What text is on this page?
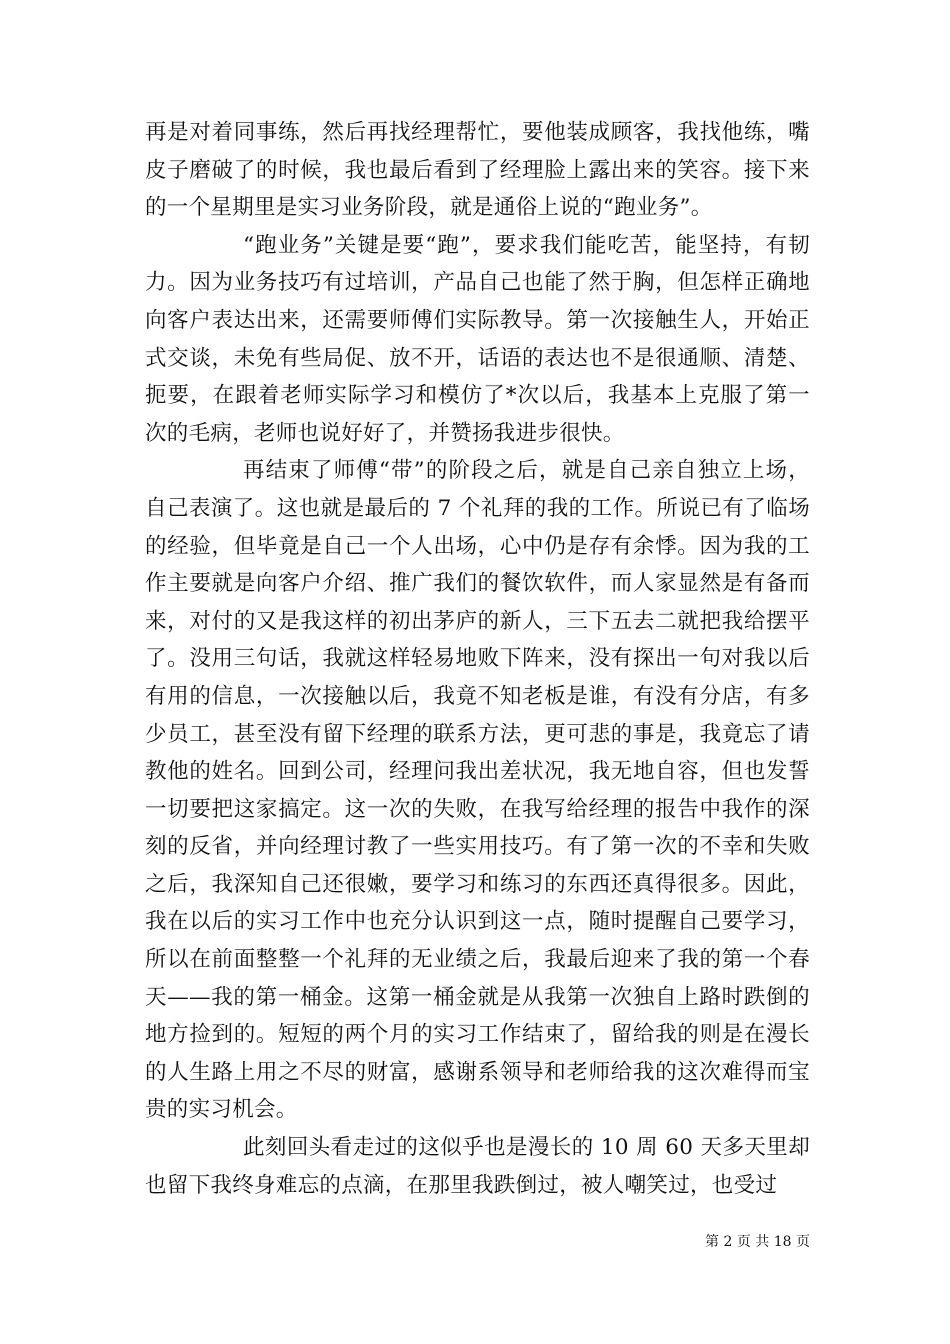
再是对着同事练，然后再找经理帮忙，要他装成顾客，我找他练，嘴皮子磨破了的时候，我也最后看到了经理脸上露出来的笑容。接下来的一个星期里是实习业务阶段，就是通俗上说的“跑业务”。

“跑业务”关键是要“跑”，要求我们能吃苦，能坚持，有韧力。因为业务技巧有过培训，产品自己也能了然于胸，但怎样正确地向客户表达出来，还需要师傅们实际教导。第一次接触生人，开始正式交谈，未免有些局促、放不开，话语的表达也不是很通顺、清楚、扼要，在跟着老师实际学习和模仿了*次以后，我基本上克服了第一次的毛病，老师也说好好了，并赞扬我进步很快。

再结束了师傅“带”的阶段之后，就是自己亲自独立上场，自己表演了。这也就是最后的 7 个礼拜的我的工作。所说已有了临场的经验，但毕竟是自己一个人出场，心中仍是存有余悸。因为我的工作主要就是向客户介绍、推广我们的餐饮软件，而人家显然是有备而来，对付的又是我这样的初出茅庐的新人，三下五去二就把我给摆平了。没用三句话，我就这样轻易地败下阵来，没有探出一句对我以后有用的信息，一次接触以后，我竟不知老板是谁，有没有分店，有多少员工，甚至没有留下经理的联系方法，更可悲的事是，我竟忘了请教他的姓名。回到公司，经理问我出差状况，我无地自容，但也发誓一切要把这家搞定。这一次的失败，在我写给经理的报告中我作的深刻的反省，并向经理讨教了一些实用技巧。有了第一次的不幸和失败之后，我深知自己还很嫩，要学习和练习的东西还真得很多。因此，我在以后的实习工作中也充分认识到这一点，随时提醒自己要学习，所以在前面整整一个礼拜的无业绩之后，我最后迎来了我的第一个春天——我的第一桶金。这第一桶金就是从我第一次独自上路时跌倒的地方捡到的。短短的两个月的实习工作结束了，留给我的则是在漫长的人生路上用之不尽的财富，感谢系领导和老师给我的这次难得而宝贵的实习机会。

此刻回头看走过的这似乎也是漫长的 10 周 60 天多天里却也留下我终身难忘的点滴，在那里我跌倒过，被人嘲笑过，也受过

第 2 页 共 18 页
